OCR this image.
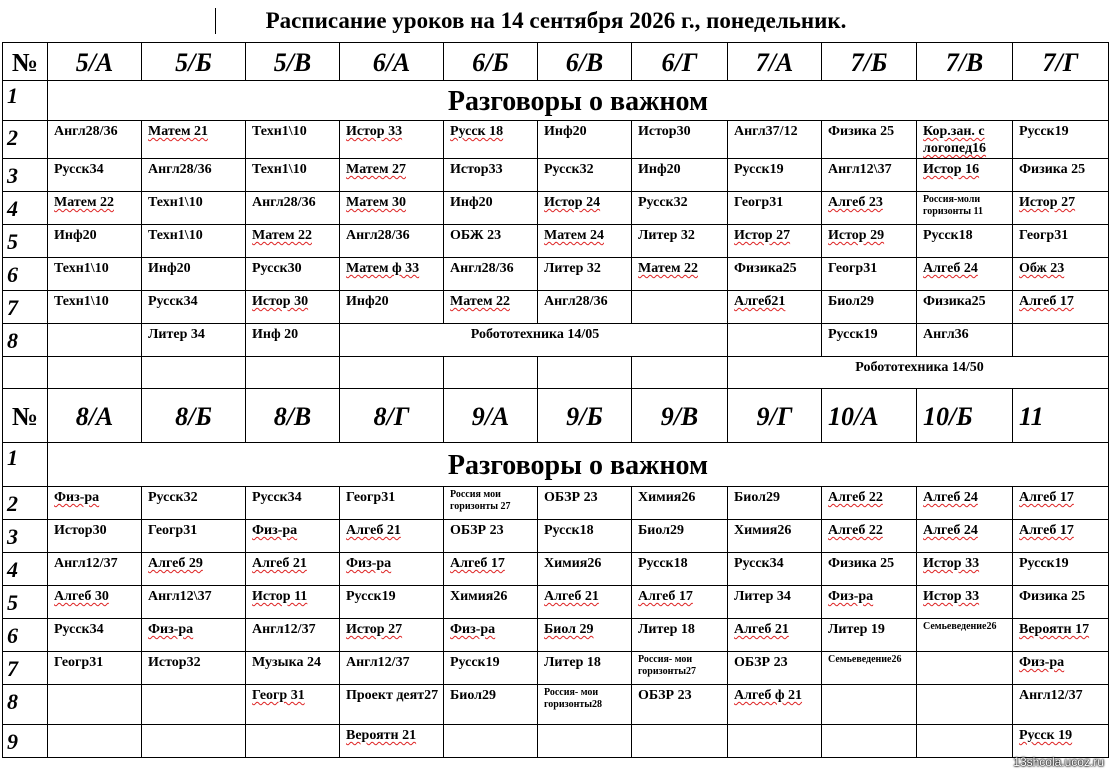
Расписание уроков на 14 сентября 2026 г., понедельник.
№	5/А	5/Б	5/В	6/А	6/Б	6/В	6/Г	7/А	7/Б	7/В	7/Г

1	Разговоры о важном										

2	Англ28/36	Матем 21	Техн1\10	Истор 33	Русск 18	Инф20	Истор30	Англ37/12	Физика 25	Кор.зан. с логопед16	Русск19

3	Русск34	Англ28/36	Техн1\10	Матем 27	Истор33	Русск32	Инф20	Русск19	Англ12\37	Истор 16	Физика 25

4	Матем 22	Техн1\10	Англ28/36	Матем 30	Инф20	Истор 24	Русск32	Геогр31	Алгеб 23	Россия-моли горизонты 11	Истор 27

5	Инф20	Техн1\10	Матем 22	Англ28/36	ОБЖ 23	Матем 24	Литер 32	Истор 27	Истор 29	Русск18	Геогр31

6	Техн1\10	Инф20	Русск30	Матем ф 33	Англ28/36	Литер 32	Матем 22	Физика25	Геогр31	Алгеб 24	Обж 23

7	Техн1\10	Русск34	Истор 30	Инф20	Матем 22	Англ28/36		Алгеб21	Биол29	Физика25	Алгеб 17

8		Литер 34	Инф 20	Робототехника 14/05					Русск19	Англ36	

								Робототехника 14/50			

№	8/А	8/Б	8/В	8/Г	9/А	9/Б	9/В	9/Г	10/А	10/Б	11

1	Разговоры о важном										

2	Физ-ра	Русск32	Русск34	Геогр31	Россия мои горизонты 27	ОБЗР 23	Химия26	Биол29	Алгеб 22	Алгеб 24	Алгеб 17

3	Истор30	Геогр31	Физ-ра	Алгеб 21	ОБЗР 23	Русск18	Биол29	Химия26	Алгеб 22	Алгеб 24	Алгеб 17

4	Англ12/37	Алгеб 29	Алгеб 21	Физ-ра	Алгеб 17	Химия26	Русск18	Русск34	Физика 25	Истор 33	Русск19

5	Алгеб 30	Англ12\37	Истор 11	Русск19	Химия26	Алгеб 21	Алгеб 17	Литер 34	Физ-ра	Истор 33	Физика 25

6	Русск34	Физ-ра	Англ12/37	Истор 27	Физ-ра	Биол 29	Литер 18	Алгеб 21	Литер 19	Семьеведение26	Вероятн 17

7	Геогр31	Истор32	Музыка 24	Англ12/37	Русск19	Литер 18	Россия- мои горизонты27	ОБЗР 23	Семьеведение26		Физ-ра

8			Геогр 31	Проект деят27	Биол29	Россия- мои горизонты28	ОБЗР 23	Алгеб ф 21			Англ12/37

9				Вероятн 21							Русск 19
13shcola.ucoz.ru
